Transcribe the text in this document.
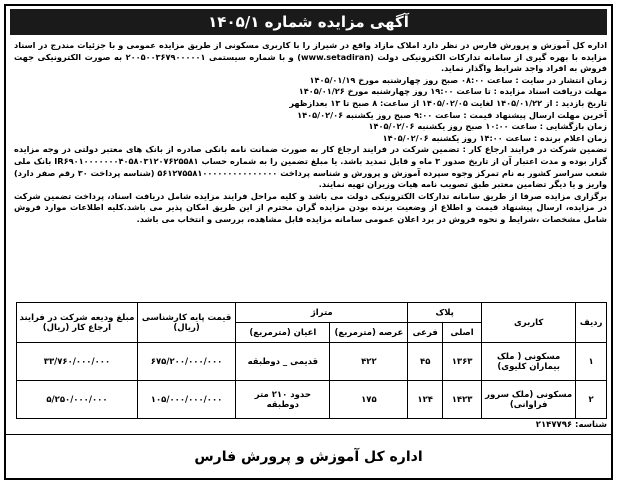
آگهی مزایده شماره ۱۴۰۵/۱

اداره کل آموزش و پرورش فارس در نظر دارد املاک مازاد واقع در شیراز را با کاربری مسکونی از طریق مزایده عمومی و با جزئیات مندرج در اسناد مزایده با بهره گیری از سامانه تدارکات الکترونیکی دولت (www.setadiran) و با شماره سیستمی ۲۰۰۵۰۰۳۶۷۹۰۰۰۰۰۱ به صورت الکترونیکی جهت فروش به افراد واجد شرایط واگذار نماید.

زمان انتشار در سایت : ساعت ۰۸:۰۰ صبح روز چهارشنبه مورخ ۱۴۰۵/۰۱/۱۹

مهلت دریافت اسناد مزایده : تا ساعت ۱۹:۰۰ روز چهارشنبه مورخ ۱۴۰۵/۰۱/۲۶

تاریخ بازدید : از ۱۴۰۵/۰۱/۲۲ لغایت ۱۴۰۵/۰۲/۰۵ از ساعت: ۸ صبح تا ۱۳ بعدازظهر

آخرین مهلت ارسال پیشنهاد قیمت : ساعت ۹:۰۰ صبح روز یکشنبه ۱۴۰۵/۰۲/۰۶

زمان بازگشایی : ساعت ۱۰:۰۰ صبح روز یکشنبه ۱۴۰۵/۰۲/۰۶

زمان اعلام برنده : ساعت ۱۴:۰۰ روز یکشنبه ۱۴۰۵/۰۲/۰۶

تضمین شرکت در فرایند ارجاع کار : تضمین شرکت در فرایند ارجاع کار به صورت ضمانت نامه بانکی صادره از بانک های معتبر دولتی در وجه مزایده گزار بوده و مدت اعتبار آن از تاریخ صدور ۳ ماه و قابل تمدید باشد. یا مبلغ تضمین را به شماره حساب IR۶۹۰۱۰۰۰۰۰۰۰۴۰۵۸۰۳۱۲۰۷۶۲۵۵۸۱ بانک ملی شعب سراسر کشور به نام تمرکز وجوه سپرده آموزش و پرورش و شناسه پرداخت ۵۶۱۲۷۵۵۸۱۰۰۰۰۰۰۰۰۰۰۰۰۰۰۰ (شناسه پرداخت ۳۰ رقم صفر دارد) واریز و یا دیگر تضامین معتبر طبق تصویب نامه هیات وزیران تهیه نمایند.

برگزاری مزایده صرفا از طریق سامانه تدارکات الکترونیکی دولت می باشد و کلیه مراحل فرایند مزایده شامل دریافت اسناد، پرداخت تضمین شرکت در مزایده، ارسال پیشنهاد قیمت و اطلاع از وضعیت برنده بودن مزایده گران محترم از این طریق امکان پذیر می باشد.کلیه اطلاعات موارد فروش شامل مشخصات ،شرایط و نحوه فروش در برد اعلان عمومی سامانه مزایده قابل مشاهده، بررسی و انتخاب می باشد.

ردیف	کاربری	پلاک		متراژ		قیمت پایه کارشناسی (ریال)	مبلغ ودیعه شرکت در فرایند ارجاع کار (ریال)
		اصلی	فرعی	عرصه (مترمربع)	اعیان (مترمربع)		
۱	مسکونی ( ملک بیماران کلیوی)	۱۳۶۳	۴۵	۴۲۲	قدیمی _ دوطبقه	۶۷۵/۲۰۰/۰۰۰/۰۰۰	۳۳/۷۶۰/۰۰۰/۰۰۰
۲	مسکونی (ملک سرور فراوانی)	۱۴۲۳	۱۲۴	۱۷۵	حدود ۲۱۰ متر دوطبقه	۱۰۵/۰۰۰/۰۰۰/۰۰۰	۵/۲۵۰/۰۰۰/۰۰۰
شناسه: ۲۱۴۷۷۹۶
اداره کل آموزش و پرورش فارس
